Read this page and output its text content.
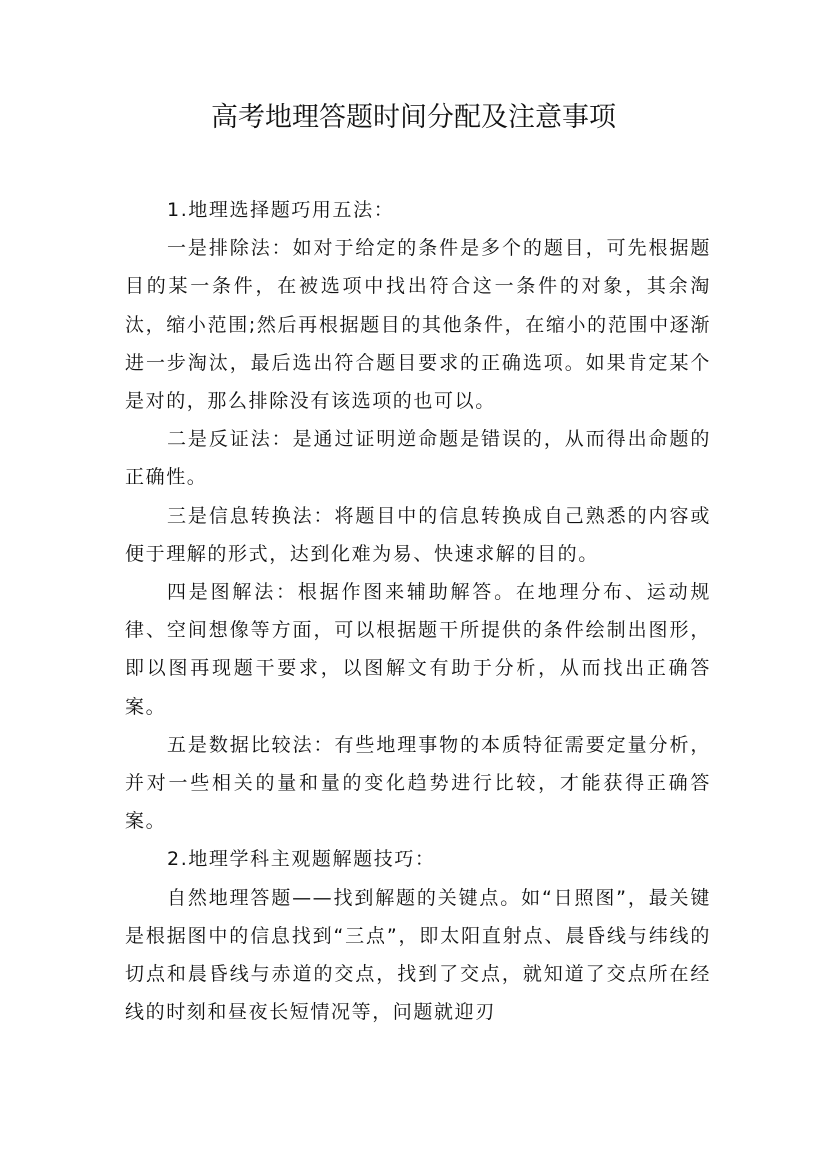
高考地理答题时间分配及注意事项

1.地理选择题巧用五法：

一是排除法：如对于给定的条件是多个的题目，可先根据题目的某一条件，在被选项中找出符合这一条件的对象，其余淘汰，缩小范围;然后再根据题目的其他条件，在缩小的范围中逐渐进一步淘汰，最后选出符合题目要求的正确选项。如果肯定某个是对的，那么排除没有该选项的也可以。

二是反证法：是通过证明逆命题是错误的，从而得出命题的正确性。

三是信息转换法：将题目中的信息转换成自己熟悉的内容或便于理解的形式，达到化难为易、快速求解的目的。

四是图解法：根据作图来辅助解答。在地理分布、运动规律、空间想像等方面，可以根据题干所提供的条件绘制出图形，即以图再现题干要求，以图解文有助于分析，从而找出正确答案。

五是数据比较法：有些地理事物的本质特征需要定量分析，并对一些相关的量和量的变化趋势进行比较，才能获得正确答案。

2.地理学科主观题解题技巧：

自然地理答题——找到解题的关键点。如“日照图”，最关键是根据图中的信息找到“三点”，即太阳直射点、晨昏线与纬线的切点和晨昏线与赤道的交点，找到了交点，就知道了交点所在经线的时刻和昼夜长短情况等，问题就迎刃
